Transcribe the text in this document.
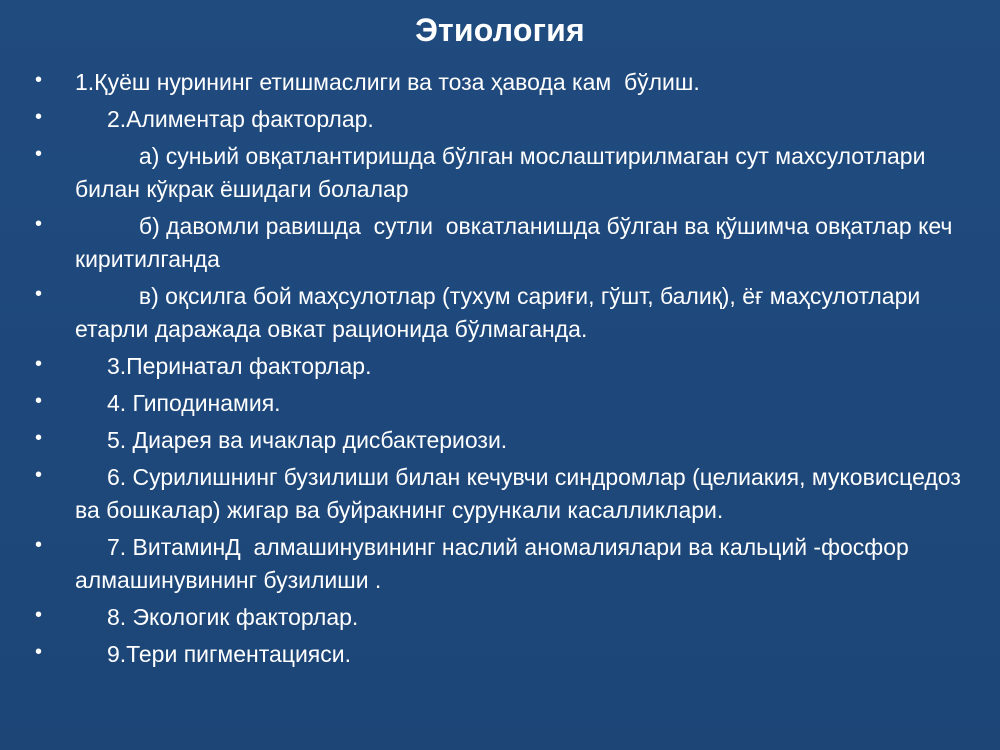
Этиология
• 1.Қуёш нурининг етишмаслиги ва тоза ҳавода кам  бўлиш.
• 2.Алиментар факторлар.
• а) суньий овқатлантиришда бўлган мослаштирилмаган сут махсулотлари билан кўкрак ёшидаги болалар
• б) давомли равишда  сутли  овкатланишда бўлган ва қўшимча овқатлар кеч киритилганда
• в) оқсилга бой маҳсулотлар (тухум сариғи, гўшт, балиқ), ёғ маҳсулотлари етарли даражада овкат рационида бўлмаганда.
• 3.Перинатал факторлар.
• 4. Гиподинамия.
• 5. Диарея ва ичаклар дисбактериози.
• 6. Сурилишнинг бузилиши билан кечувчи синдромлар (целиакия, муковисцедоз ва бошкалар) жигар ва буйракнинг сурункали касалликлари.
• 7. ВитаминД  алмашинувининг наслий аномалиялари ва кальций -фосфор алмашинувининг бузилиши .
• 8. Экологик факторлар.
• 9.Тери пигментацияси.
